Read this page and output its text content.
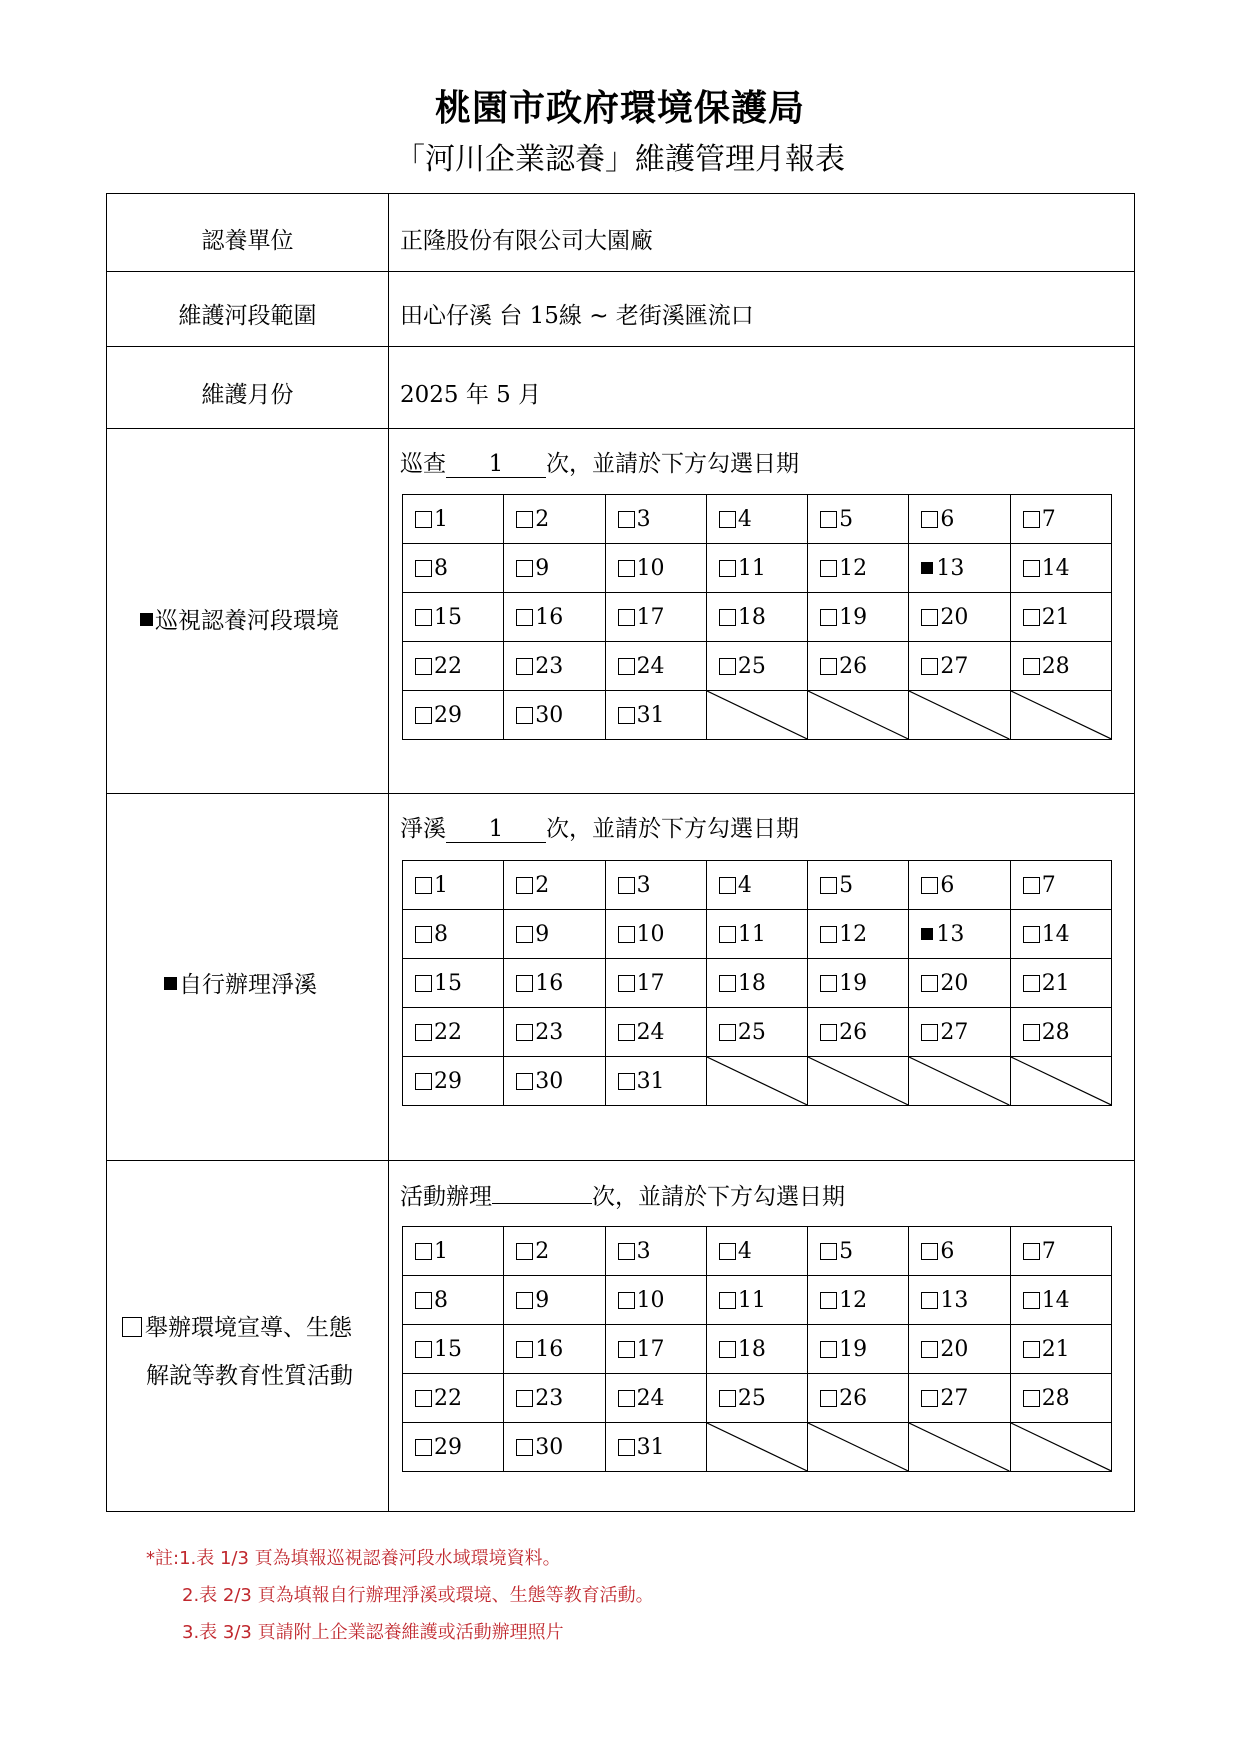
桃園市政府環境保護局
「河川企業認養」維護管理月報表
認養單位	正隆股份有限公司大園廠
維護河段範圍	田心仔溪 台 15線 ~ 老街溪匯流口
維護月份	2025 年 5 月
巡視認養河段環境
巡查 1 次，並請於下方勾選日期
1	2	3	4	5	6	7
8	9	10	11	12	13	14
15	16	17	18	19	20	21
22	23	24	25	26	27	28
29	30	31	

自行辦理淨溪
淨溪 1 次，並請於下方勾選日期
1	2	3	4	5	6	7
8	9	10	11	12	13	14
15	16	17	18	19	20	21
22	23	24	25	26	27	28
29	30	31	

舉辦環境宣導、生態
解說等教育性質活動
活動辦理	次，並請於下方勾選日期
1	2	3	4	5	6	7
8	9	10	11	12	13	14
15	16	17	18	19	20	21
22	23	24	25	26	27	28
29	30	31	

*註:1.表 1/3 頁為填報巡視認養河段水域環境資料。
2.表 2/3 頁為填報自行辦理淨溪或環境、生態等教育活動。
3.表 3/3 頁請附上企業認養維護或活動辦理照片
